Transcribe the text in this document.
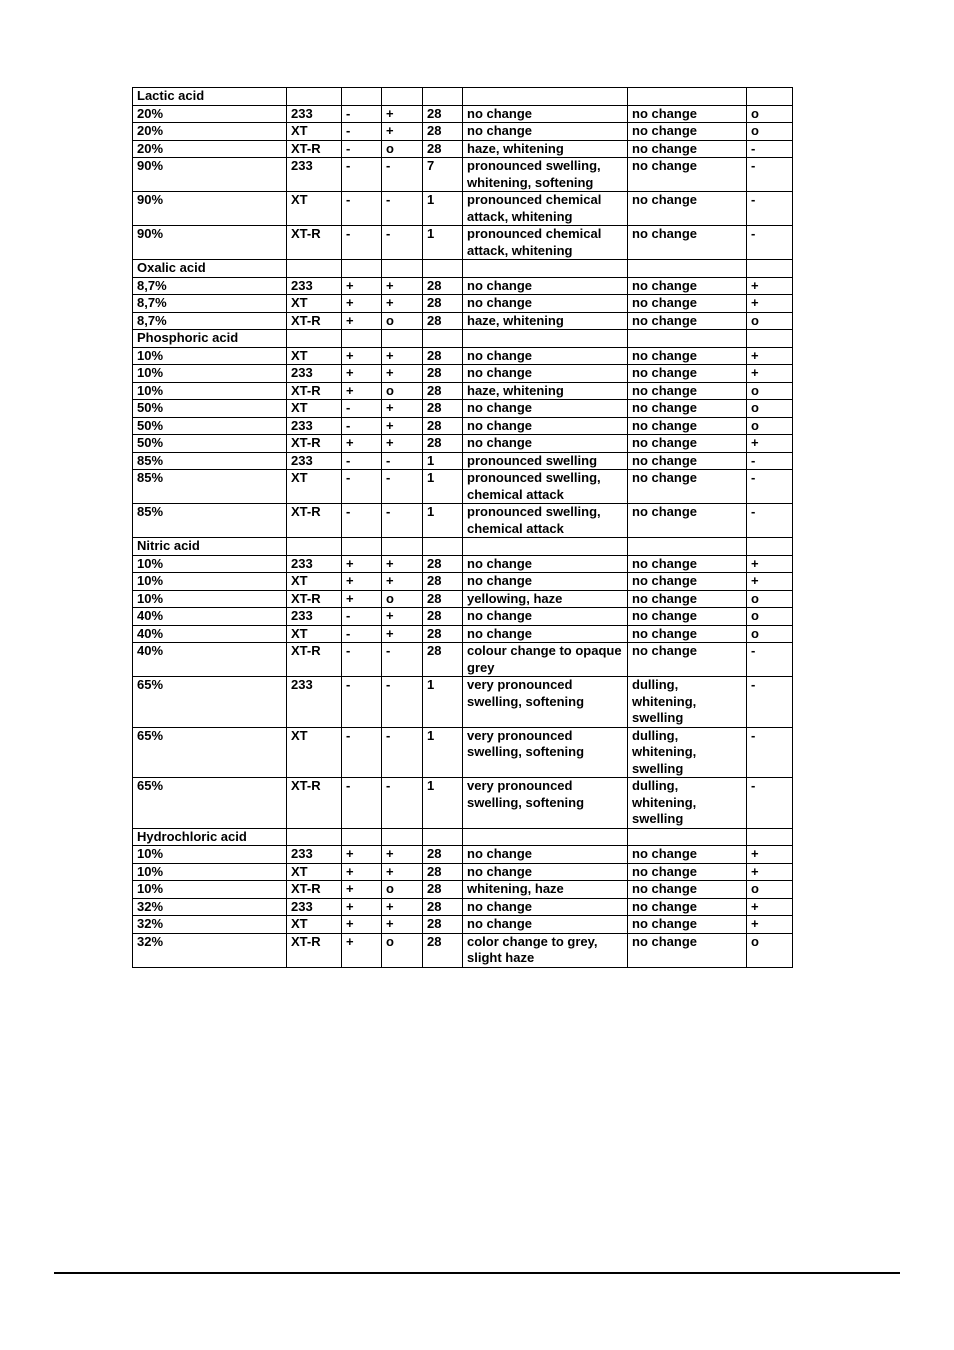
Lactic acid							
20%	233	-	+	28	no change	no change	o
20%	XT	-	+	28	no change	no change	o
20%	XT-R	-	o	28	haze, whitening	no change	-
90%	233	-	-	7	pronounced swelling, whitening, softening	no change	-
90%	XT	-	-	1	pronounced chemical attack, whitening	no change	-
90%	XT-R	-	-	1	pronounced chemical attack, whitening	no change	-
Oxalic acid							
8,7%	233	+	+	28	no change	no change	+
8,7%	XT	+	+	28	no change	no change	+
8,7%	XT-R	+	o	28	haze, whitening	no change	o
Phosphoric acid							
10%	XT	+	+	28	no change	no change	+
10%	233	+	+	28	no change	no change	+
10%	XT-R	+	o	28	haze, whitening	no change	o
50%	XT	-	+	28	no change	no change	o
50%	233	-	+	28	no change	no change	o
50%	XT-R	+	+	28	no change	no change	+
85%	233	-	-	1	pronounced swelling	no change	-
85%	XT	-	-	1	pronounced swelling, chemical attack	no change	-
85%	XT-R	-	-	1	pronounced swelling, chemical attack	no change	-
Nitric acid							
10%	233	+	+	28	no change	no change	+
10%	XT	+	+	28	no change	no change	+
10%	XT-R	+	o	28	yellowing, haze	no change	o
40%	233	-	+	28	no change	no change	o
40%	XT	-	+	28	no change	no change	o
40%	XT-R	-	-	28	colour change to opaque grey	no change	-
65%	233	-	-	1	very pronounced swelling, softening	dulling, whitening, swelling	-
65%	XT	-	-	1	very pronounced swelling, softening	dulling, whitening, swelling	-
65%	XT-R	-	-	1	very pronounced swelling, softening	dulling, whitening, swelling	-
Hydrochloric acid							
10%	233	+	+	28	no change	no change	+
10%	XT	+	+	28	no change	no change	+
10%	XT-R	+	o	28	whitening, haze	no change	o
32%	233	+	+	28	no change	no change	+
32%	XT	+	+	28	no change	no change	+
32%	XT-R	+	o	28	color change to grey, slight haze	no change	o
